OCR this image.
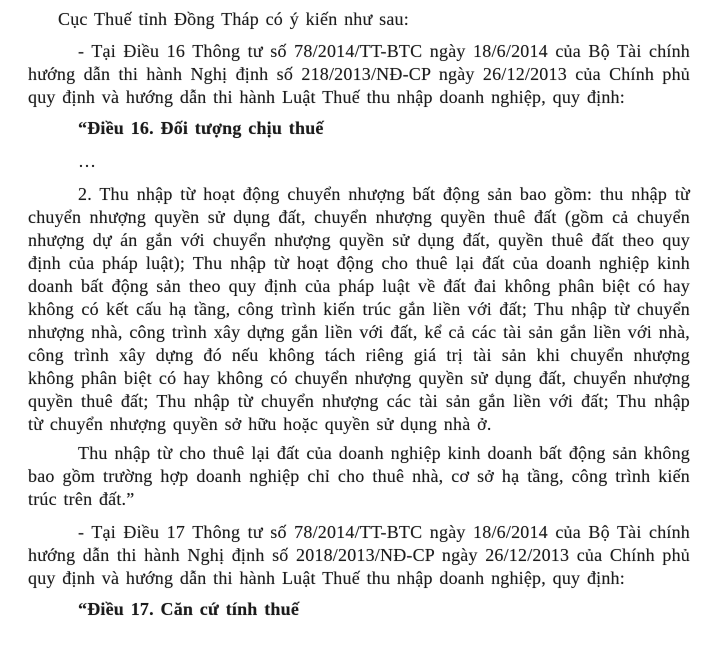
Cục Thuế tỉnh Đồng Tháp có ý kiến như sau:

- Tại Điều 16 Thông tư số 78/2014/TT-BTC ngày 18/6/2014 của Bộ Tài chính hướng dẫn thi hành Nghị định số 218/2013/NĐ-CP ngày 26/12/2013 của Chính phủ quy định và hướng dẫn thi hành Luật Thuế thu nhập doanh nghiệp, quy định:

“Điều 16. Đối tượng chịu thuế

…

2. Thu nhập từ hoạt động chuyển nhượng bất động sản bao gồm: thu nhập từ chuyển nhượng quyền sử dụng đất, chuyển nhượng quyền thuê đất (gồm cả chuyển nhượng dự án gắn với chuyển nhượng quyền sử dụng đất, quyền thuê đất theo quy định của pháp luật); Thu nhập từ hoạt động cho thuê lại đất của doanh nghiệp kinh doanh bất động sản theo quy định của pháp luật về đất đai không phân biệt có hay không có kết cấu hạ tầng, công trình kiến trúc gắn liền với đất; Thu nhập từ chuyển nhượng nhà, công trình xây dựng gắn liền với đất, kể cả các tài sản gắn liền với nhà, công trình xây dựng đó nếu không tách riêng giá trị tài sản khi chuyển nhượng không phân biệt có hay không có chuyển nhượng quyền sử dụng đất, chuyển nhượng quyền thuê đất; Thu nhập từ chuyển nhượng các tài sản gắn liền với đất; Thu nhập từ chuyển nhượng quyền sở hữu hoặc quyền sử dụng nhà ở.

Thu nhập từ cho thuê lại đất của doanh nghiệp kinh doanh bất động sản không bao gồm trường hợp doanh nghiệp chỉ cho thuê nhà, cơ sở hạ tầng, công trình kiến trúc trên đất.”

- Tại Điều 17 Thông tư số 78/2014/TT-BTC ngày 18/6/2014 của Bộ Tài chính hướng dẫn thi hành Nghị định số 2018/2013/NĐ-CP ngày 26/12/2013 của Chính phủ quy định và hướng dẫn thi hành Luật Thuế thu nhập doanh nghiệp, quy định:

“Điều 17. Căn cứ tính thuế
